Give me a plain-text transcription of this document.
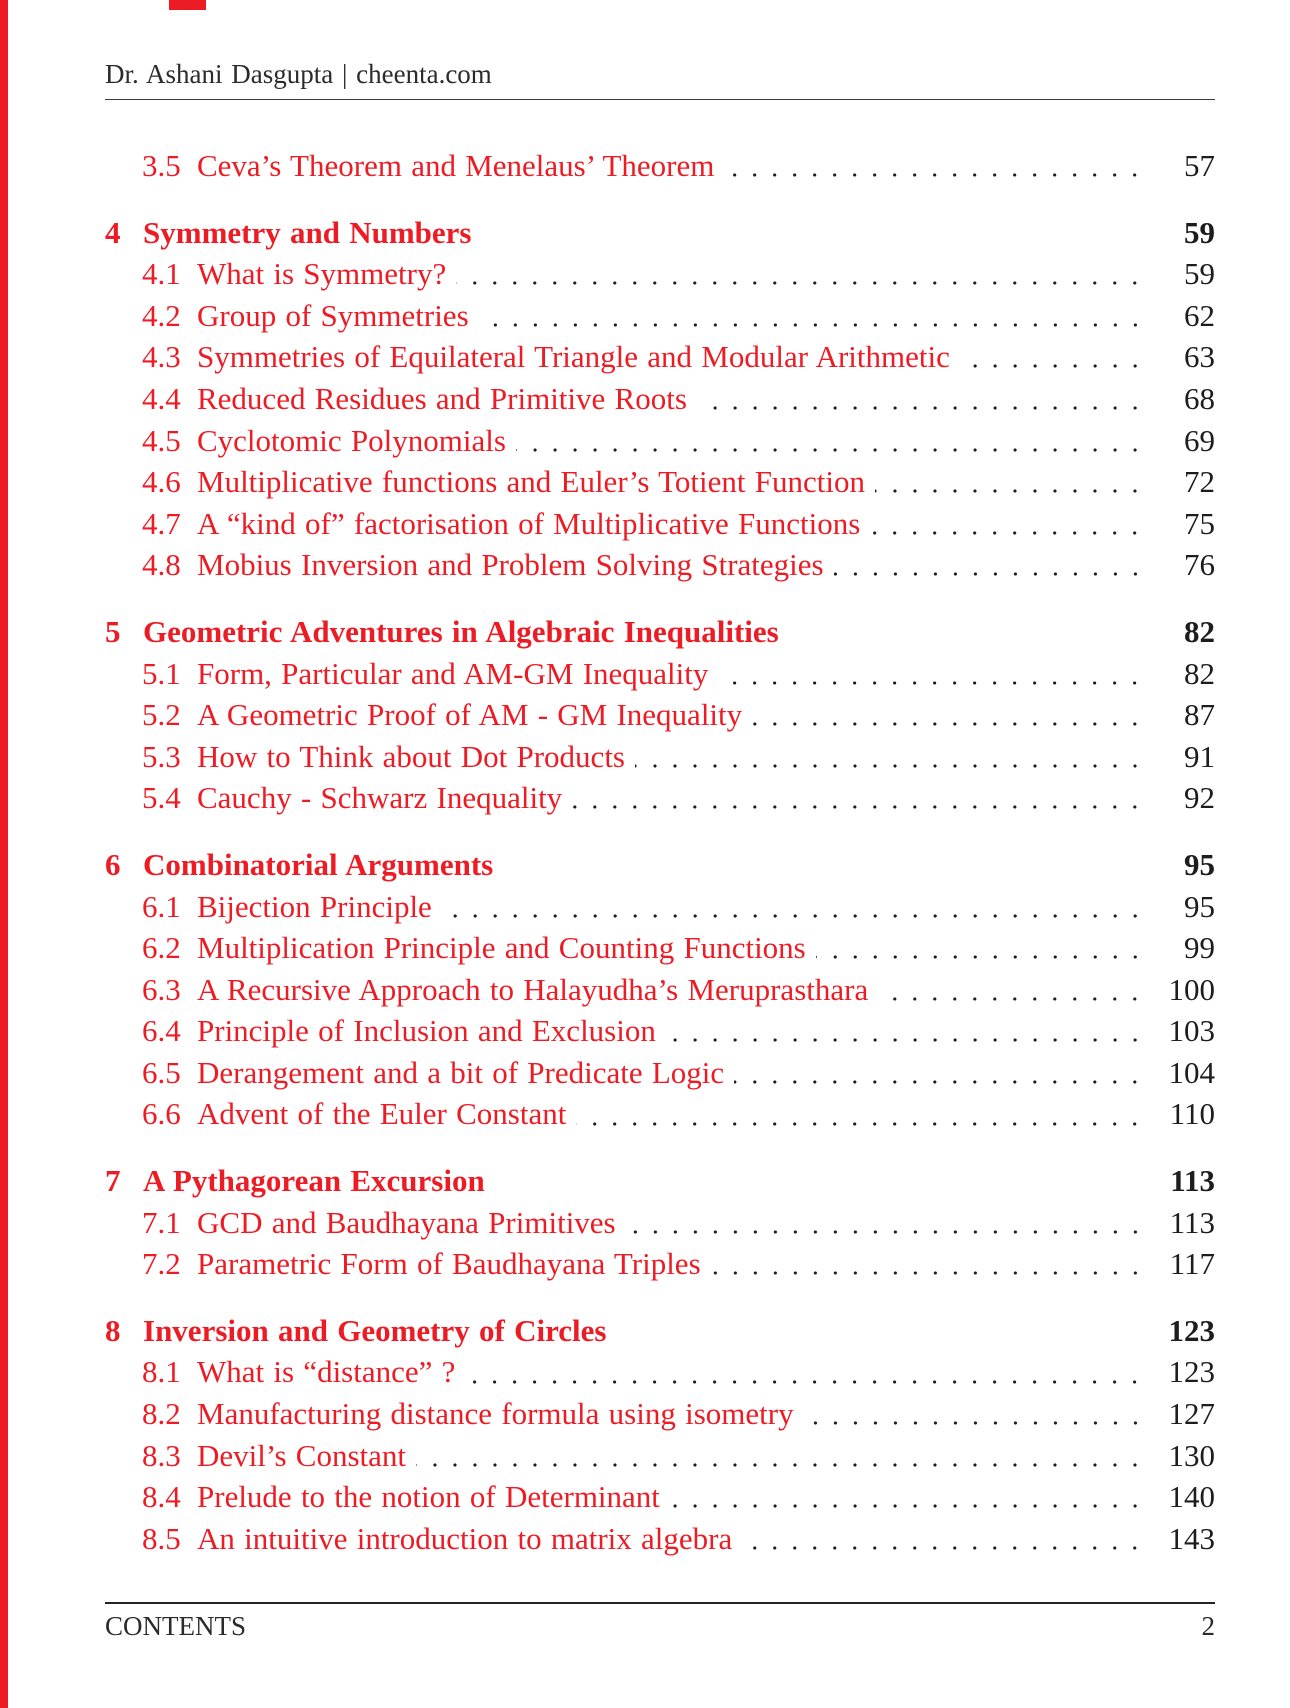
Dr. Ashani Dasgupta | cheenta.com
3.5 Ceva’s Theorem and Menelaus’ Theorem	57
4 Symmetry and Numbers	59
4.1 What is Symmetry?	59
4.2 Group of Symmetries	62
4.3 Symmetries of Equilateral Triangle and Modular Arithmetic	63
4.4 Reduced Residues and Primitive Roots	68
4.5 Cyclotomic Polynomials	69
4.6 Multiplicative functions and Euler’s Totient Function	72
4.7 A “kind of” factorisation of Multiplicative Functions	75
4.8 Mobius Inversion and Problem Solving Strategies	76
5 Geometric Adventures in Algebraic Inequalities	82
5.1 Form, Particular and AM-GM Inequality	82
5.2 A Geometric Proof of AM - GM Inequality	87
5.3 How to Think about Dot Products	91
5.4 Cauchy - Schwarz Inequality	92
6 Combinatorial Arguments	95
6.1 Bijection Principle	95
6.2 Multiplication Principle and Counting Functions	99
6.3 A Recursive Approach to Halayudha’s Meruprasthara	100
6.4 Principle of Inclusion and Exclusion	103
6.5 Derangement and a bit of Predicate Logic	104
6.6 Advent of the Euler Constant	110
7 A Pythagorean Excursion	113
7.1 GCD and Baudhayana Primitives	113
7.2 Parametric Form of Baudhayana Triples	117
8 Inversion and Geometry of Circles	123
8.1 What is “distance” ?	123
8.2 Manufacturing distance formula using isometry	127
8.3 Devil’s Constant	130
8.4 Prelude to the notion of Determinant	140
8.5 An intuitive introduction to matrix algebra	143
CONTENTS	2
